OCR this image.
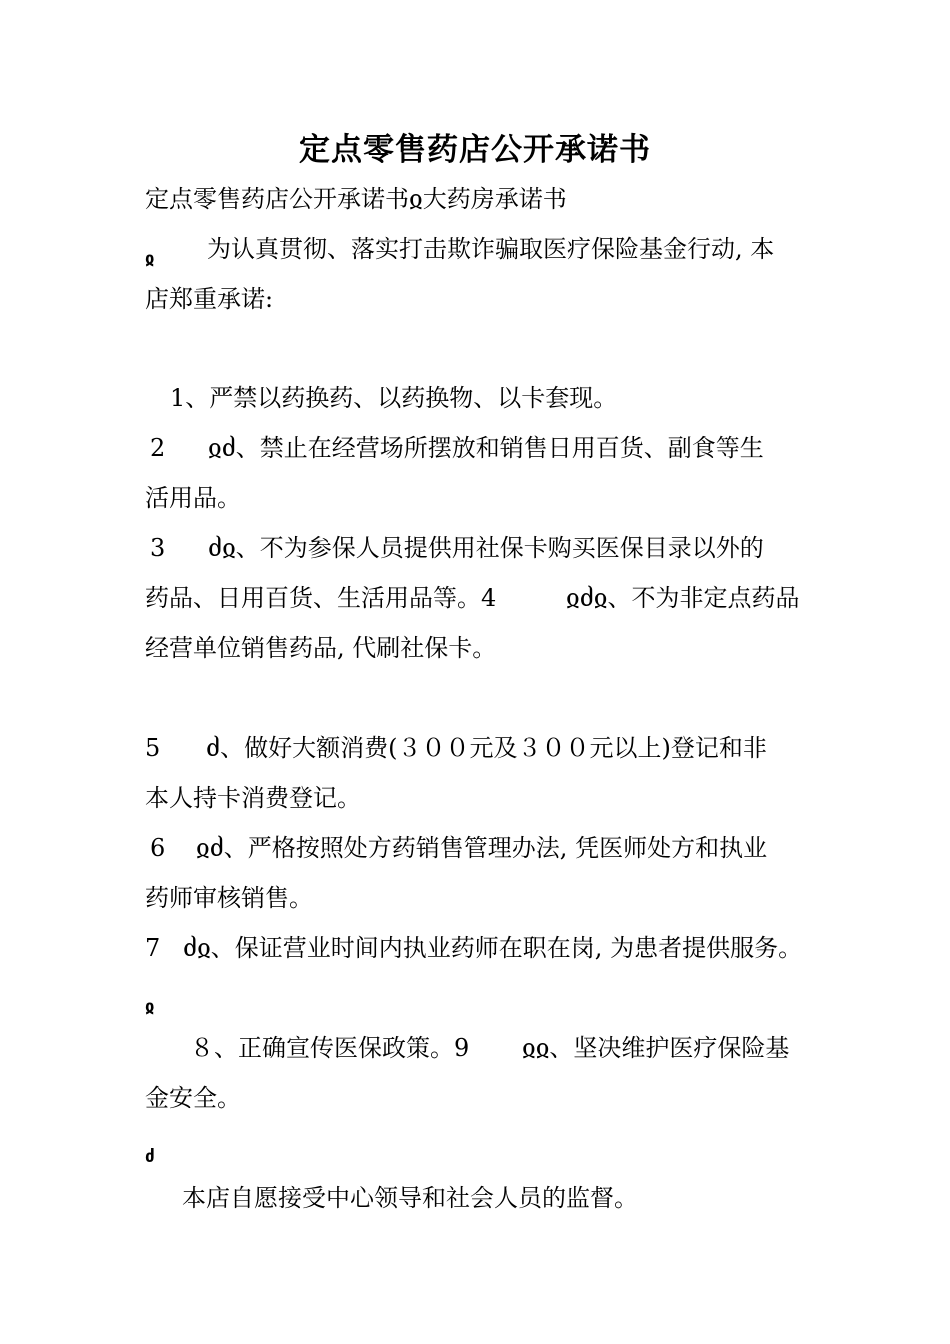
定点零售药店公开承诺书
定点零售药店公开承诺书ჲ大药房承诺书
ჲ 为认真贯彻、落实打击欺诈骗取医疗保险基金行动, 本
店郑重承诺:
1、严禁以药换药、以药换物、以卡套现。
2 ჲძ、禁止在经营场所摆放和销售日用百货、副食等生
活用品。
3 ძჲ、不为参保人员提供用社保卡购买医保目录以外的
药品、日用百货、生活用品等。4	ჲძჲ、不为非定点药品
经营单位销售药品, 代刷社保卡。
5 ძ、做好大额消费(３００元及３００元以上)登记和非
本人持卡消费登记。
6 ჲძ、严格按照处方药销售管理办法, 凭医师处方和执业
药师审核销售。
7 ძჲ、保证营业时间内执业药师在职在岗, 为患者提供服务。
ჲ
８、正确宣传医保政策。9 ჲჲ、坚决维护医疗保险基
金安全。
ძ
本店自愿接受中心领导和社会人员的监督。
